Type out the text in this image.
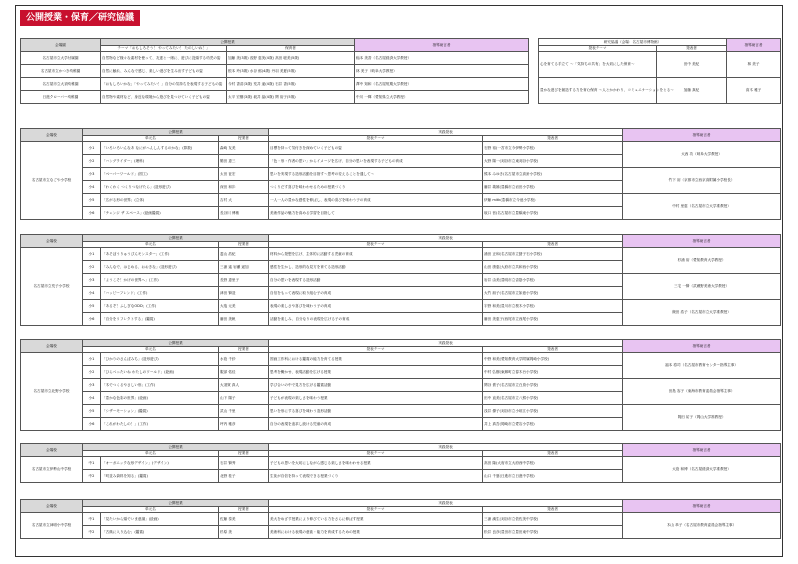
公開授業・保育／研究協議
会場園	公開授業		指導助言者
	テーマ「おもしろそう！ やってみたい！ たのしいね！」	保育者	
名古屋市立大学付属園	自然物など様々な素材を使って、友達と一緒に、遊びに没頭する幼児の姿	加藤 美(3歳) 浅野 恵美(4歳) 高田 聡美(5歳)	稲本 美香（名古屋経済大学教授）
名古屋市立かつき幼稚園	自然に触れ、みんなで感じ、楽しい遊びを生み出す子どもの姿	根本 玲(3歳) 水谷 郁(4歳) 丹羽 美夏(5歳)	林 美子（岐阜大学教授）
名古屋市立大須幼稚園	「おもしろいかな」「やってみたい！」自分の気持ちを表現する子どもの姿	今村 香苗(3歳) 荒井 遥(4歳) 石井 香(5歳)	澤中 知和（名古屋短期大学教授）
日進クローバー幼稚園	自然物や素材など、身近な環境から遊びを見つけていく子どもの姿	太平 宏樹(3歳) 坂井 晶(4歳) 関 裕子(5歳)	中川 一輝（愛知県立大学教授）
研究協議（会場：名古屋市博物館）		指導助言者
発表テーマ	発表者	
心を育てる手立て ～「気持ちの共有」を大切にした保育～	田中 美紀	林 美子
豊かな遊びを創造する力を育む保育 ～人とかかわり、コミュニケーションをとる～	加藤 真紀	高木 雅子
会場校	公開授業			実践発表		指導助言者
	単元名		授業者	発表テーマ	発表者	
名古屋市立なごや小学校	小1	「いろいろいんなあ なにがへんしんするのかな」(算数)	森崎 友美	目標を持って気付きを深めていく子どもの姿	石野 裕(一宮市立今伊勢小学校)	大西 功（岐阜大学教授）
	小2	「ハングライダー」(理科)	鶴田 恵三	「色・形・作者の思い」からイメージを広げ、自分の思いを表現する子どもの育成	大野 陽一(刈谷市立東刈谷小学校)	
	小3	「ペーパーワールド」(図工)	太田 征宏	思いを実現する造形活動を目指す～思考の変えることを通して～	熊本 みゆき(名古屋市立高針小学校)	竹下 裕（京都市立西京高附属小学校長）
	小4	「わくわく つくりつなげたら」(造形遊び)	深田 和歩	つくりだす喜びを味わわせるための授業づくり	藤井 義雄(豊橋市立岩田小学校)	
	小5	「広がる形の世界」(立体)	吉村 大	一人一人の豊かな感性を伸ばし、表現の喜びを味わう子の育成	伊藤 mitk(豊橋市立今池小学校)	中村 里恵（名古屋市立大学准教授）
	小6	「チェンジ ザ スペース」(絵画鑑賞)	長谷川 博敏	美術作品の魅力を高める学習を目指して	坂口 晋(名古屋市立豊橋東小学校)	
会場校	公開授業			実践発表		指導助言者
	単元名		授業者	発表テーマ	発表者	
名古屋市立荒子小学校	小1	「あそぼうりゅうびんモンスター」(工作)	菱山 浩紀	材料から発想を広げ、主体的に活動する児童の育成	浦田 正和(名古屋市立猪子石小学校)	杉浦 裕（愛知教育大学教授）
	小2	「みんなで、はじめる、おおきな」(造形遊び)	三浦 遙 岩瀬 遥加	感性を生かし、造形的な見方を育てる造形活動	山田 康恵(大府市立共和西小学校)	
	小3	「ようこそ！かげの世界へ」(工作)	長野 恵里子	自分の思いを表現する造形活動	岩井 由美(豊明市立沓掛小学校)	三宅 一賢（武蔵野美術大学教授）
	小4	「ハッピーフレンド」(工作)	津田 賢造	自信をもって表現に取り組む子の育成	大竹 朋子(名古屋市立如意小学校)	
	小5	「あるぞ！ふしぎなODD」(工作)	大塩 元美	表現の楽しさや喜びを味わう子の育成	宇野 和美(豊川市立桜木小学校)	飯田 浩子（名古屋市立大学准教授）
	小6	「自分をリフレクトする」(鑑賞)	藤田 美帆	活動を楽しみ、自分なりの表現を広げる子の育成	藤田 美恵子(西尾市立西尾小学校)	
会場校	公開授業			実践発表		指導助言者
	単元名		授業者	発表テーマ	発表者	
名古屋市立北野小学校	小1	「ひかりのさんぽみち」(造形遊び)	水島 千紗	図画工作科における鑑賞の能力を育てる授業	中野 和美(愛知教育大学附属岡崎小学校)	福本 将司（名古屋市教育センター指導主事）
	小2	「ひらべったいね わたしのワールド」(絵画)	服部 佑佳	思考を働かせ、表現活動を広げる授業	中村 弘樹(東郷町立春木台小学校)	
	小3	「木でつくるやさしい形」(工作)	大須賀 真人	学び合いの中で見方を広げる鑑賞活動	関谷 貴子(名古屋市立白鳥小学校)	田島 容子（東海市教育委員会指導主事）
	小4	「豊かな色彩の世界」(絵画)	山下 陽子	子どもが表現の楽しさを味わう授業	田中 直美(名古屋市立八熊小学校)	
	小5	「シザーモーション」(鑑賞)	武山 千里	思いを形にする喜びを味わう造形活動	浅井 優子(刈谷市立小垣江小学校)	岡田 祐子（岡山大学准教授）
	小6	「これがわたしの！」(工作)	坪内 雅彦	自分の表現を追求し続ける児童の育成	井上 真吾(岡崎市立愛宕小学校)	
会場校	公開授業			実践発表		指導助言者
	単元名		授業者	発表テーマ	発表者	
名古屋市立伊勢山中学校	中1	「オーガニックな形デザイン」(デザイン)	石井 賢秀	子どもの思いを大切にしながら感じる楽しさを味わわせる授業	高田 隆(大府市立大府西中学校)	大島 和博（名古屋経済大学准教授）
	中2	「町並み資料を知る」(鑑賞)	北野 桂子	生徒が自信を持って表現できる授業づくり	山口 千夏(日進市立日進中学校)	
会場校	公開授業			実践発表		指導助言者
	単元名		授業者	発表テーマ	発表者	
名古屋市立神明小中学校	中1	「見たいから頭でいま意識」(絵画)	佐藤 泰美	美大をめざす授業により伸びている力をさらに伸ばす授業	三浦 満生(刈谷市立依佐美中学校)	木山 恭子（名古屋市教育委員会指導主事）
	中2	「古典に入り込む」(鑑賞)	杉原 美	美術科における表現の意欲・能力を育成するための授業	松井 良彦(豊田市立豊田東中学校)	
